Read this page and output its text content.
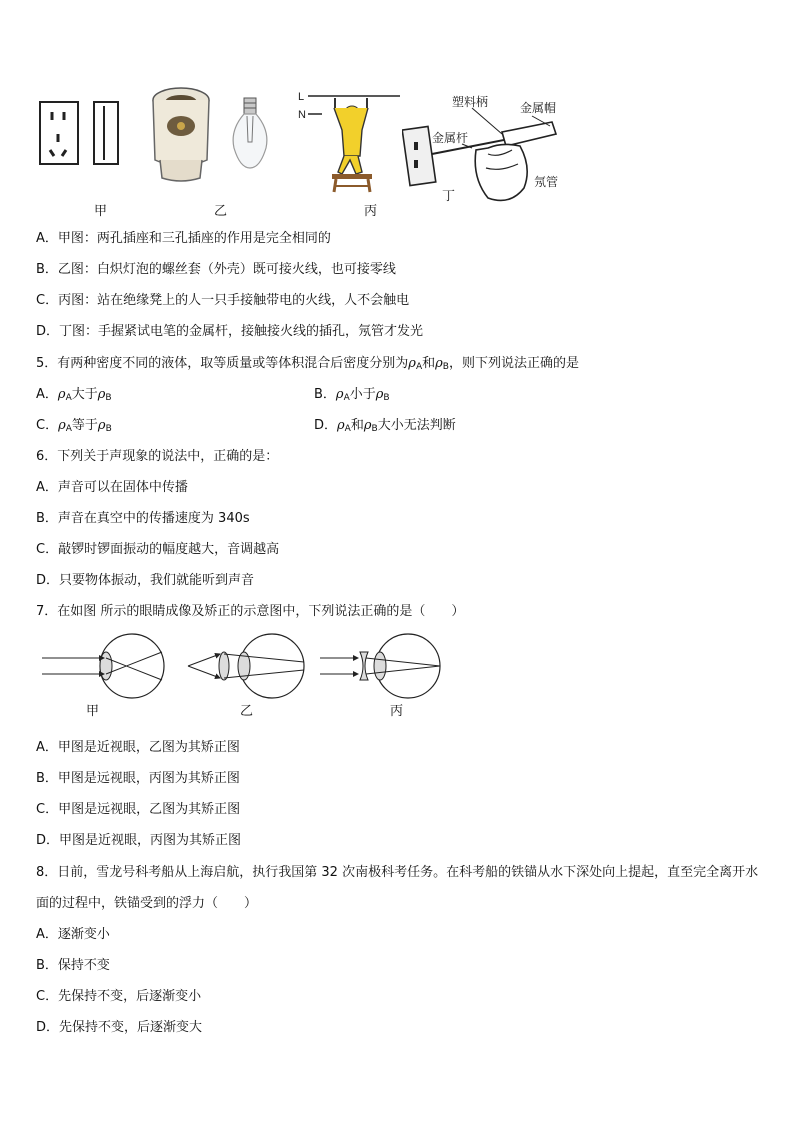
甲	乙
L
N
丙
塑料柄	金属帽
金属杆
氖管
丁
A．甲图：两孔插座和三孔插座的作用是完全相同的
B．乙图：白炽灯泡的螺丝套（外壳）既可接火线，也可接零线
C．丙图：站在绝缘凳上的人一只手接触带电的火线，人不会触电
D．丁图：手握紧试电笔的金属杆，接触接火线的插孔，氖管才发光
5．有两种密度不同的液体，取等质量或等体积混合后密度分别为$\rho_A$和$\rho_B$，则下列说法正确的是
A．$\rho_A$大于$\rho_B$	B．$\rho_A$小于$\rho_B$
C．$\rho_A$等于$\rho_B$	D．$\rho_A$和$\rho_B$大小无法判断
6．下列关于声现象的说法中，正确的是：
A．声音可以在固体中传播
B．声音在真空中的传播速度为 340s
C．敲锣时锣面振动的幅度越大，音调越高
D．只要物体振动，我们就能听到声音
7．在如图 所示的眼睛成像及矫正的示意图中，下列说法正确的是（　　）
甲	乙	丙
A．甲图是近视眼，乙图为其矫正图
B．甲图是远视眼，丙图为其矫正图
C．甲图是远视眼，乙图为其矫正图
D．甲图是近视眼，丙图为其矫正图
8．日前，雪龙号科考船从上海启航，执行我国第 32 次南极科考任务。在科考船的铁锚从水下深处向上提起，直至完全离开水面的过程中，铁锚受到的浮力（　　）
A．逐渐变小
B．保持不变
C．先保持不变，后逐渐变小
D．先保持不变，后逐渐变大
